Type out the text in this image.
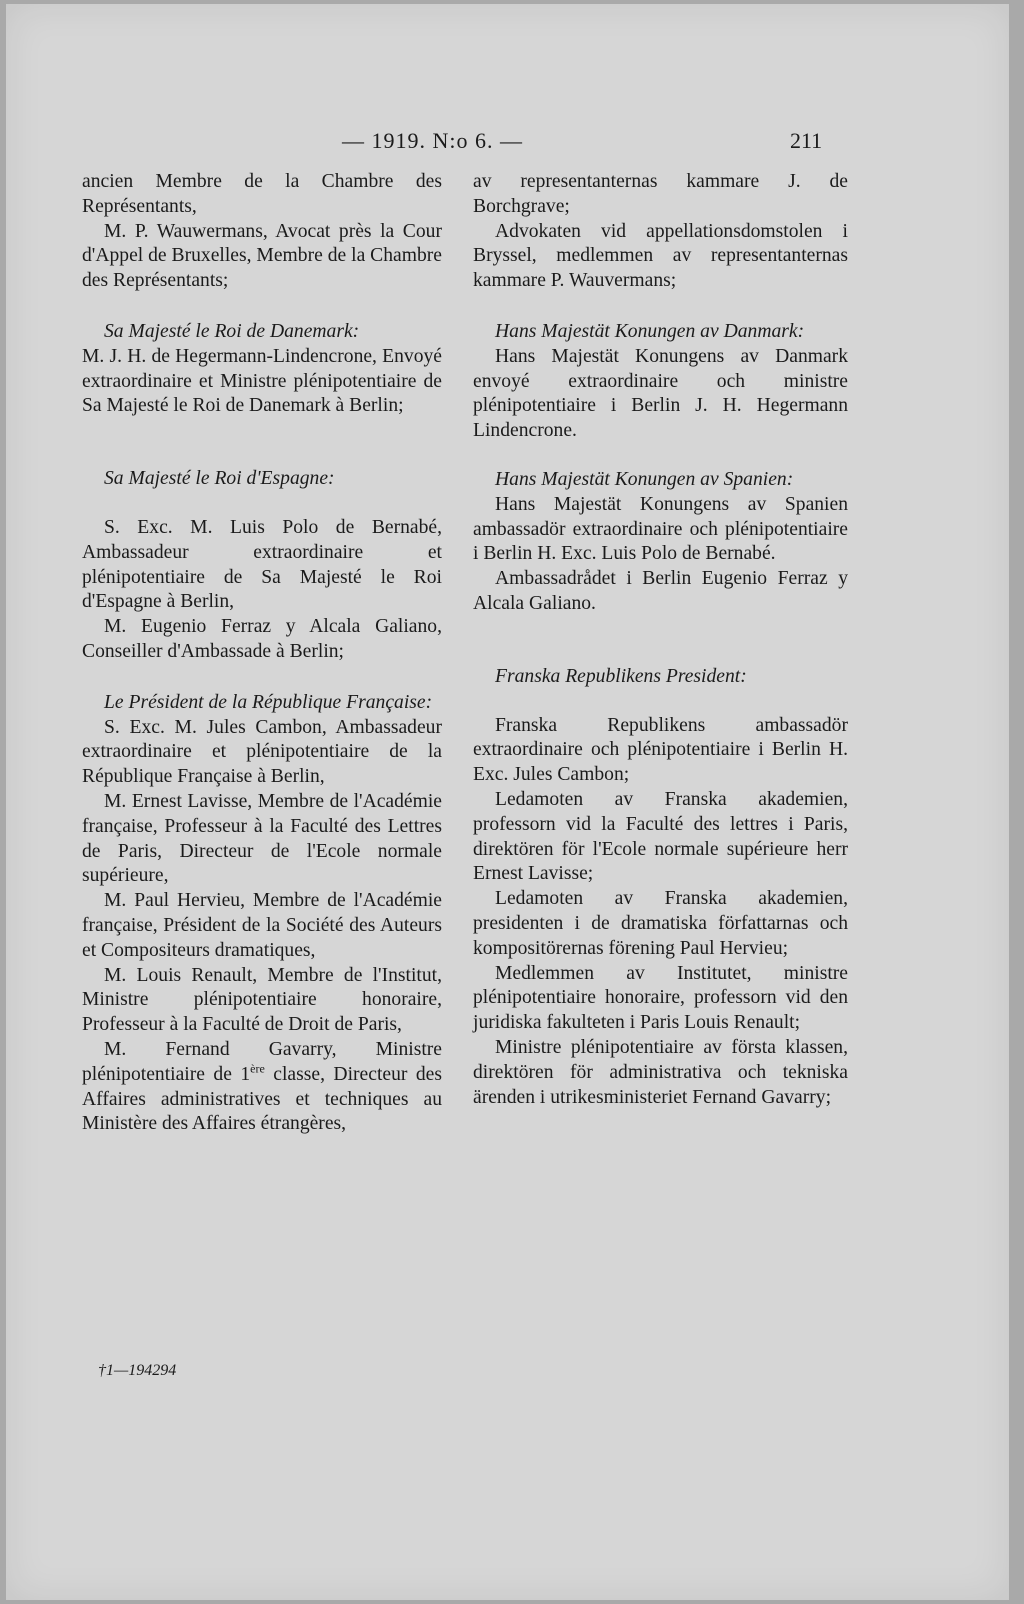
— 1919. N:o 6. —	211

ancien Membre de la Chambre des Représentants,

M. P. Wauwermans, Avocat près la Cour d'Appel de Bruxelles, Membre de la Chambre des Représentants;

Sa Majesté le Roi de Danemark:

M. J. H. de Hegermann-Lindencrone, Envoyé extraordinaire et Ministre plénipotentiaire de Sa Majesté le Roi de Danemark à Berlin;

Sa Majesté le Roi d'Espagne:

S. Exc. M. Luis Polo de Bernabé, Ambassadeur extraordinaire et plénipotentiaire de Sa Majesté le Roi d'Espagne à Berlin,

M. Eugenio Ferraz y Alcala Galiano, Conseiller d'Ambassade à Berlin;

Le Président de la République Française:

S. Exc. M. Jules Cambon, Ambassadeur extraordinaire et plénipotentiaire de la République Française à Berlin,

M. Ernest Lavisse, Membre de l'Académie française, Professeur à la Faculté des Lettres de Paris, Directeur de l'Ecole normale supérieure,

M. Paul Hervieu, Membre de l'Académie française, Président de la Société des Auteurs et Compositeurs dramatiques,

M. Louis Renault, Membre de l'Institut, Ministre plénipotentiaire honoraire, Professeur à la Faculté de Droit de Paris,

M. Fernand Gavarry, Ministre plénipotentiaire de 1ère classe, Directeur des Affaires administratives et techniques au Ministère des Affaires étrangères,

av representanternas kammare J. de Borchgrave;

Advokaten vid appellationsdomstolen i Bryssel, medlemmen av representanternas kammare P. Wauvermans;

Hans Majestät Konungen av Danmark:

Hans Majestät Konungens av Danmark envoyé extraordinaire och ministre plénipotentiaire i Berlin J. H. Hegermann Lindencrone.

Hans Majestät Konungen av Spanien:

Hans Majestät Konungens av Spanien ambassadör extraordinaire och plénipotentiaire i Berlin H. Exc. Luis Polo de Bernabé.

Ambassadrådet i Berlin Eugenio Ferraz y Alcala Galiano.

Franska Republikens President:

Franska Republikens ambassadör extraordinaire och plénipotentiaire i Berlin H. Exc. Jules Cambon;

Ledamoten av Franska akademien, professorn vid la Faculté des lettres i Paris, direktören för l'Ecole normale supérieure herr Ernest Lavisse;

Ledamoten av Franska akademien, presidenten i de dramatiska författarnas och kompositörernas förening Paul Hervieu;

Medlemmen av Institutet, ministre plénipotentiaire honoraire, professorn vid den juridiska fakulteten i Paris Louis Renault;

Ministre plénipotentiaire av första klassen, direktören för administrativa och tekniska ärenden i utrikesministeriet Fernand Gavarry;

†1—194294
